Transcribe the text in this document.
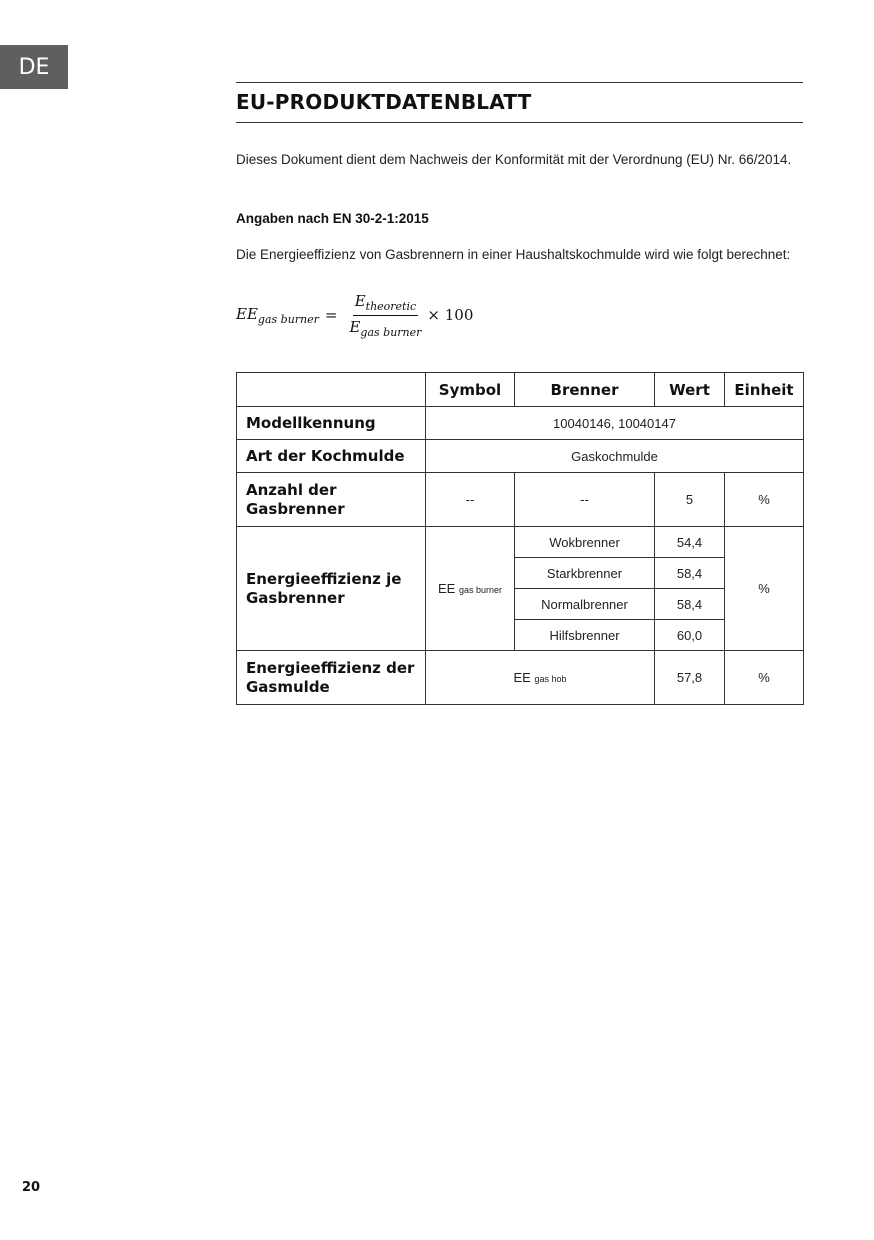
DE
EU-PRODUKTDATENBLATT
Dieses Dokument dient dem Nachweis der Konformität mit der Verordnung (EU) Nr. 66/2014.
Angaben nach EN 30-2-1:2015
Die Energieeffizienz von Gasbrennern in einer Haushaltskochmulde wird wie folgt berechnet:
$EE_{gas burner} = \frac{E_{theoretic}}{E_{gas burner}} \times 100$
	Symbol	Brenner	Wert	Einheit
Modellkennung	10040146, 10040147			
Art der Kochmulde	Gaskochmulde			
Anzahl der Gasbrenner	--	--	5	%
Energieeffizienz je Gasbrenner	EE gas burner	Wokbrenner	54,4	%
		Starkbrenner	58,4	
		Normalbrenner	58,4	
		Hilfsbrenner	60,0	
Energieeffizienz der Gasmulde	EE gas hob		57,8	%
20
